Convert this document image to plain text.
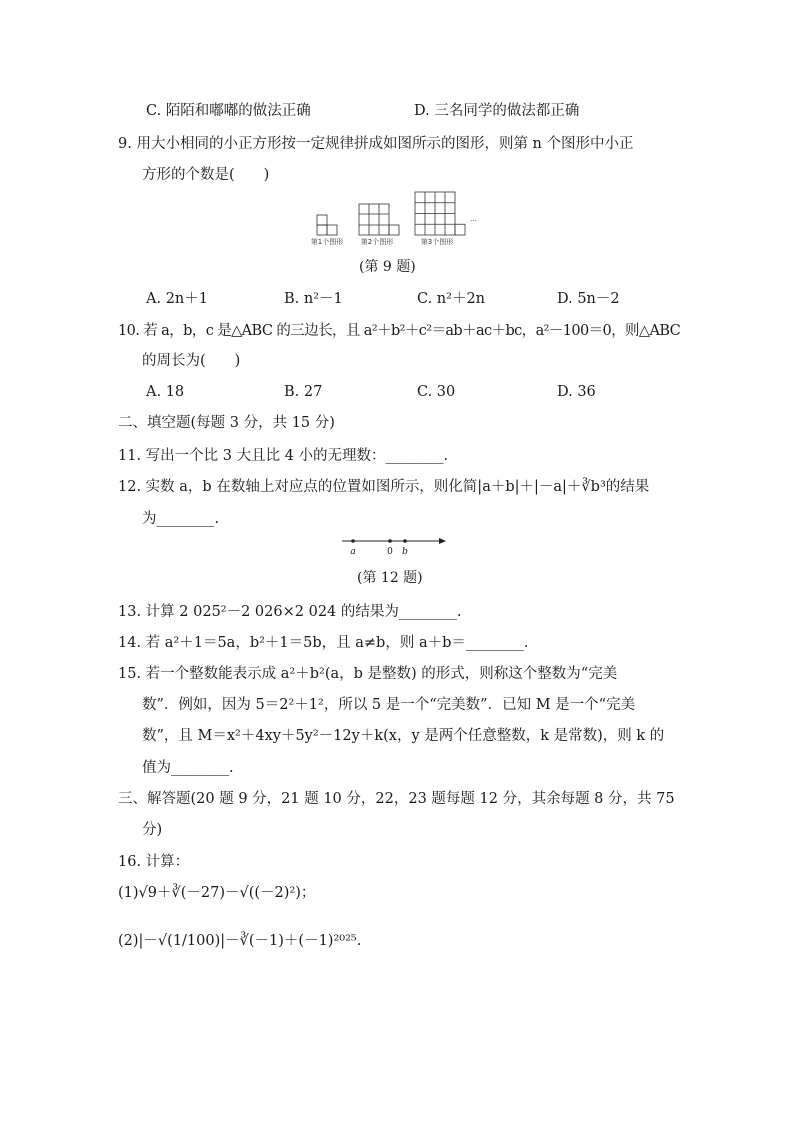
C. 陌陌和嘟嘟的做法正确	D. 三名同学的做法都正确
9. 用大小相同的小正方形按一定规律拼成如图所示的图形，则第 n 个图形中小正
方形的个数是(　　)
第1个图形	第2个图形	第3个图形
…
(第 9 题)
A. 2n＋1	B. n²－1	C. n²＋2n	D. 5n－2
10. 若 a，b，c 是△ABC 的三边长，且 a²＋b²＋c²＝ab＋ac＋bc，a²－100＝0，则△ABC
的周长为(　　)
A. 18	B. 27	C. 30	D. 36
二、填空题(每题 3 分，共 15 分)
11. 写出一个比 3 大且比 4 小的无理数：________.
12. 实数 a，b 在数轴上对应点的位置如图所示，则化简|a＋b|＋|－a|＋∛b³的结果
为________.
a	0 b
(第 12 题)
13. 计算 2 025²－2 026×2 024 的结果为________.
14. 若 a²＋1＝5a，b²＋1＝5b，且 a≠b，则 a＋b＝________.
15. 若一个整数能表示成 a²＋b²(a，b 是整数) 的形式，则称这个整数为“完美
数”．例如，因为 5＝2²＋1²，所以 5 是一个“完美数”．已知 M 是一个“完美
数”，且 M＝x²＋4xy＋5y²－12y＋k(x，y 是两个任意整数，k 是常数)，则 k 的
值为________.
三、解答题(20 题 9 分，21 题 10 分，22，23 题每题 12 分，其余每题 8 分，共 75
分)
16. 计算：
(1)√9＋∛(－27)－√((－2)²)；
(2)|－√(1/100)|－∛(－1)＋(－1)²⁰²⁵.
